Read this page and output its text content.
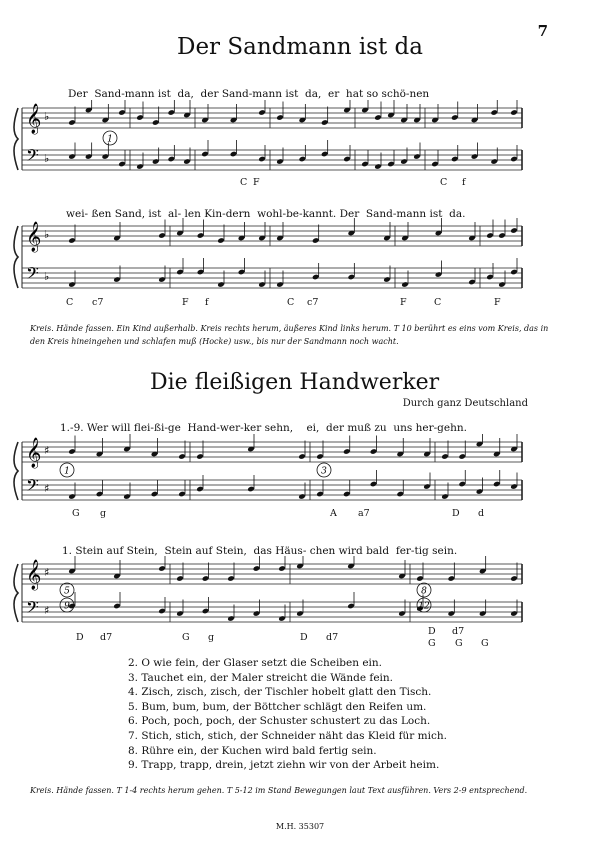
7
Der Sandmann ist da
Der  Sand-mann ist  da,  der Sand-mann ist  da,  er  hat so schö-nen
𝄞
𝄢
♭
♭
1
C F	C f
wei- ßen Sand, ist  al- len Kin-dern  wohl-be-kannt. Der  Sand-mann ist  da.
𝄞
𝄢
♭
♭
C c7	F f	C c7	F	C	F
Kreis. Hände fassen. Ein Kind außerhalb. Kreis rechts herum, äußeres Kind links herum. T 10 berührt es eins vom Kreis, das in den Kreis hineingehen und schlafen muß (Hocke) usw., bis nur der Sandmann noch wacht.
Die fleißigen Handwerker
Durch ganz Deutschland
1.-9. Wer will flei-ßi-ge  Hand-wer-ker sehn,    ei,  der muß zu  uns her-gehn.
𝄞
𝄢
♯
♯
1	3
G g	A a7	D d
1. Stein auf Stein,  Stein auf Stein,  das Häus- chen wird bald  fer-tig sein.
𝄞
𝄢
♯
♯
5
9
8
12
D d7	G g	D d7
D d7
G G G
2. O wie fein, der Glaser setzt die Scheiben ein.
3. Tauchet ein, der Maler streicht die Wände fein.
4. Zisch, zisch, zisch, der Tischler hobelt glatt den Tisch.
5. Bum, bum, bum, der Böttcher schlägt den Reifen um.
6. Poch, poch, poch, der Schuster schustert zu das Loch.
7. Stich, stich, stich, der Schneider näht das Kleid für mich.
8. Rühre ein, der Kuchen wird bald fertig sein.
9. Trapp, trapp, drein, jetzt ziehn wir von der Arbeit heim.
Kreis. Hände fassen. T 1-4 rechts herum gehen. T 5-12 im Stand Bewegungen laut Text ausführen. Vers 2-9 entsprechend.
M.H. 35307
